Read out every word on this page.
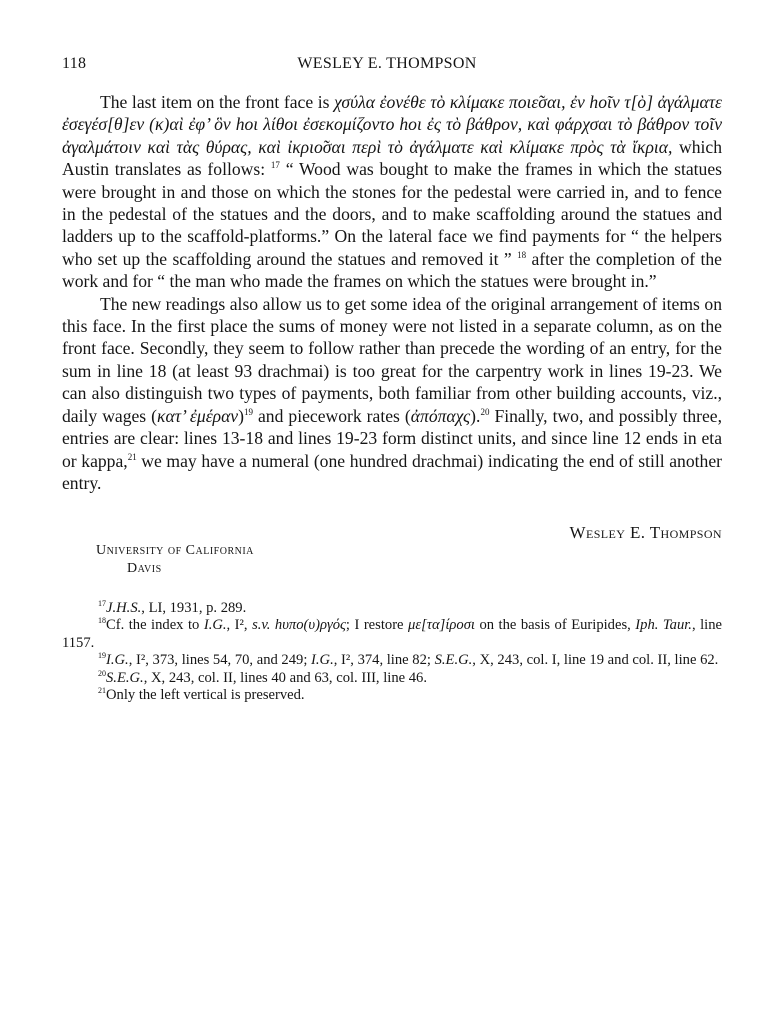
118	WESLEY E. THOMPSON

The last item on the front face is χσύλα ἐονέθε τὸ κλίμακε ποιε̃σαι, ἐν hοῖν τ[ὸ] ἀγάλματε ἐσεγέσ[θ]εν (κ)αὶ ἐφ’ ὃν hοι λίθοι ἐσεκομίζοντο hοι ἐς τὸ βάθρον, καὶ φάρχσαι τὸ βάθρον τοῖν ἀγαλμάτοιν καὶ τὰς θύρας, καὶ ἰκριο̃σαι περὶ τὸ ἀγάλματε καὶ κλίμακε πρὸς τὰ ἴκρια, which Austin translates as follows: $^{17}$ “ Wood was bought to make the frames in which the statues were brought in and those on which the stones for the pedestal were carried in, and to fence in the pedestal of the statues and the doors, and to make scaffolding around the statues and ladders up to the scaffold-platforms.” On the lateral face we find payments for “ the helpers who set up the scaffolding around the statues and removed it ” $^{18}$ after the completion of the work and for “ the man who made the frames on which the statues were brought in.”

The new readings also allow us to get some idea of the original arrangement of items on this face. In the first place the sums of money were not listed in a separate column, as on the front face. Secondly, they seem to follow rather than precede the wording of an entry, for the sum in line 18 (at least 93 drachmai) is too great for the carpentry work in lines 19-23. We can also distinguish two types of payments, both familiar from other building accounts, viz., daily wages (κατ’ ἐμέραν)$^{19}$ and piecework rates (ἀπόπαχς).$^{20}$ Finally, two, and possibly three, entries are clear: lines 13-18 and lines 19-23 form distinct units, and since line 12 ends in eta or kappa,$^{21}$ we may have a numeral (one hundred drachmai) indicating the end of still another entry.

Wesley E. Thompson
University of California
Davis

$^{17}$J.H.S., LI, 1931, p. 289.

$^{18}$Cf. the index to I.G., I², s.v. hυπο(υ)ργός; I restore με[τα]ίροσι on the basis of Euripides, Iph. Taur., line 1157.

$^{19}$I.G., I², 373, lines 54, 70, and 249; I.G., I², 374, line 82; S.E.G., X, 243, col. I, line 19 and col. II, line 62.

$^{20}$S.E.G., X, 243, col. II, lines 40 and 63, col. III, line 46.

$^{21}$Only the left vertical is preserved.
